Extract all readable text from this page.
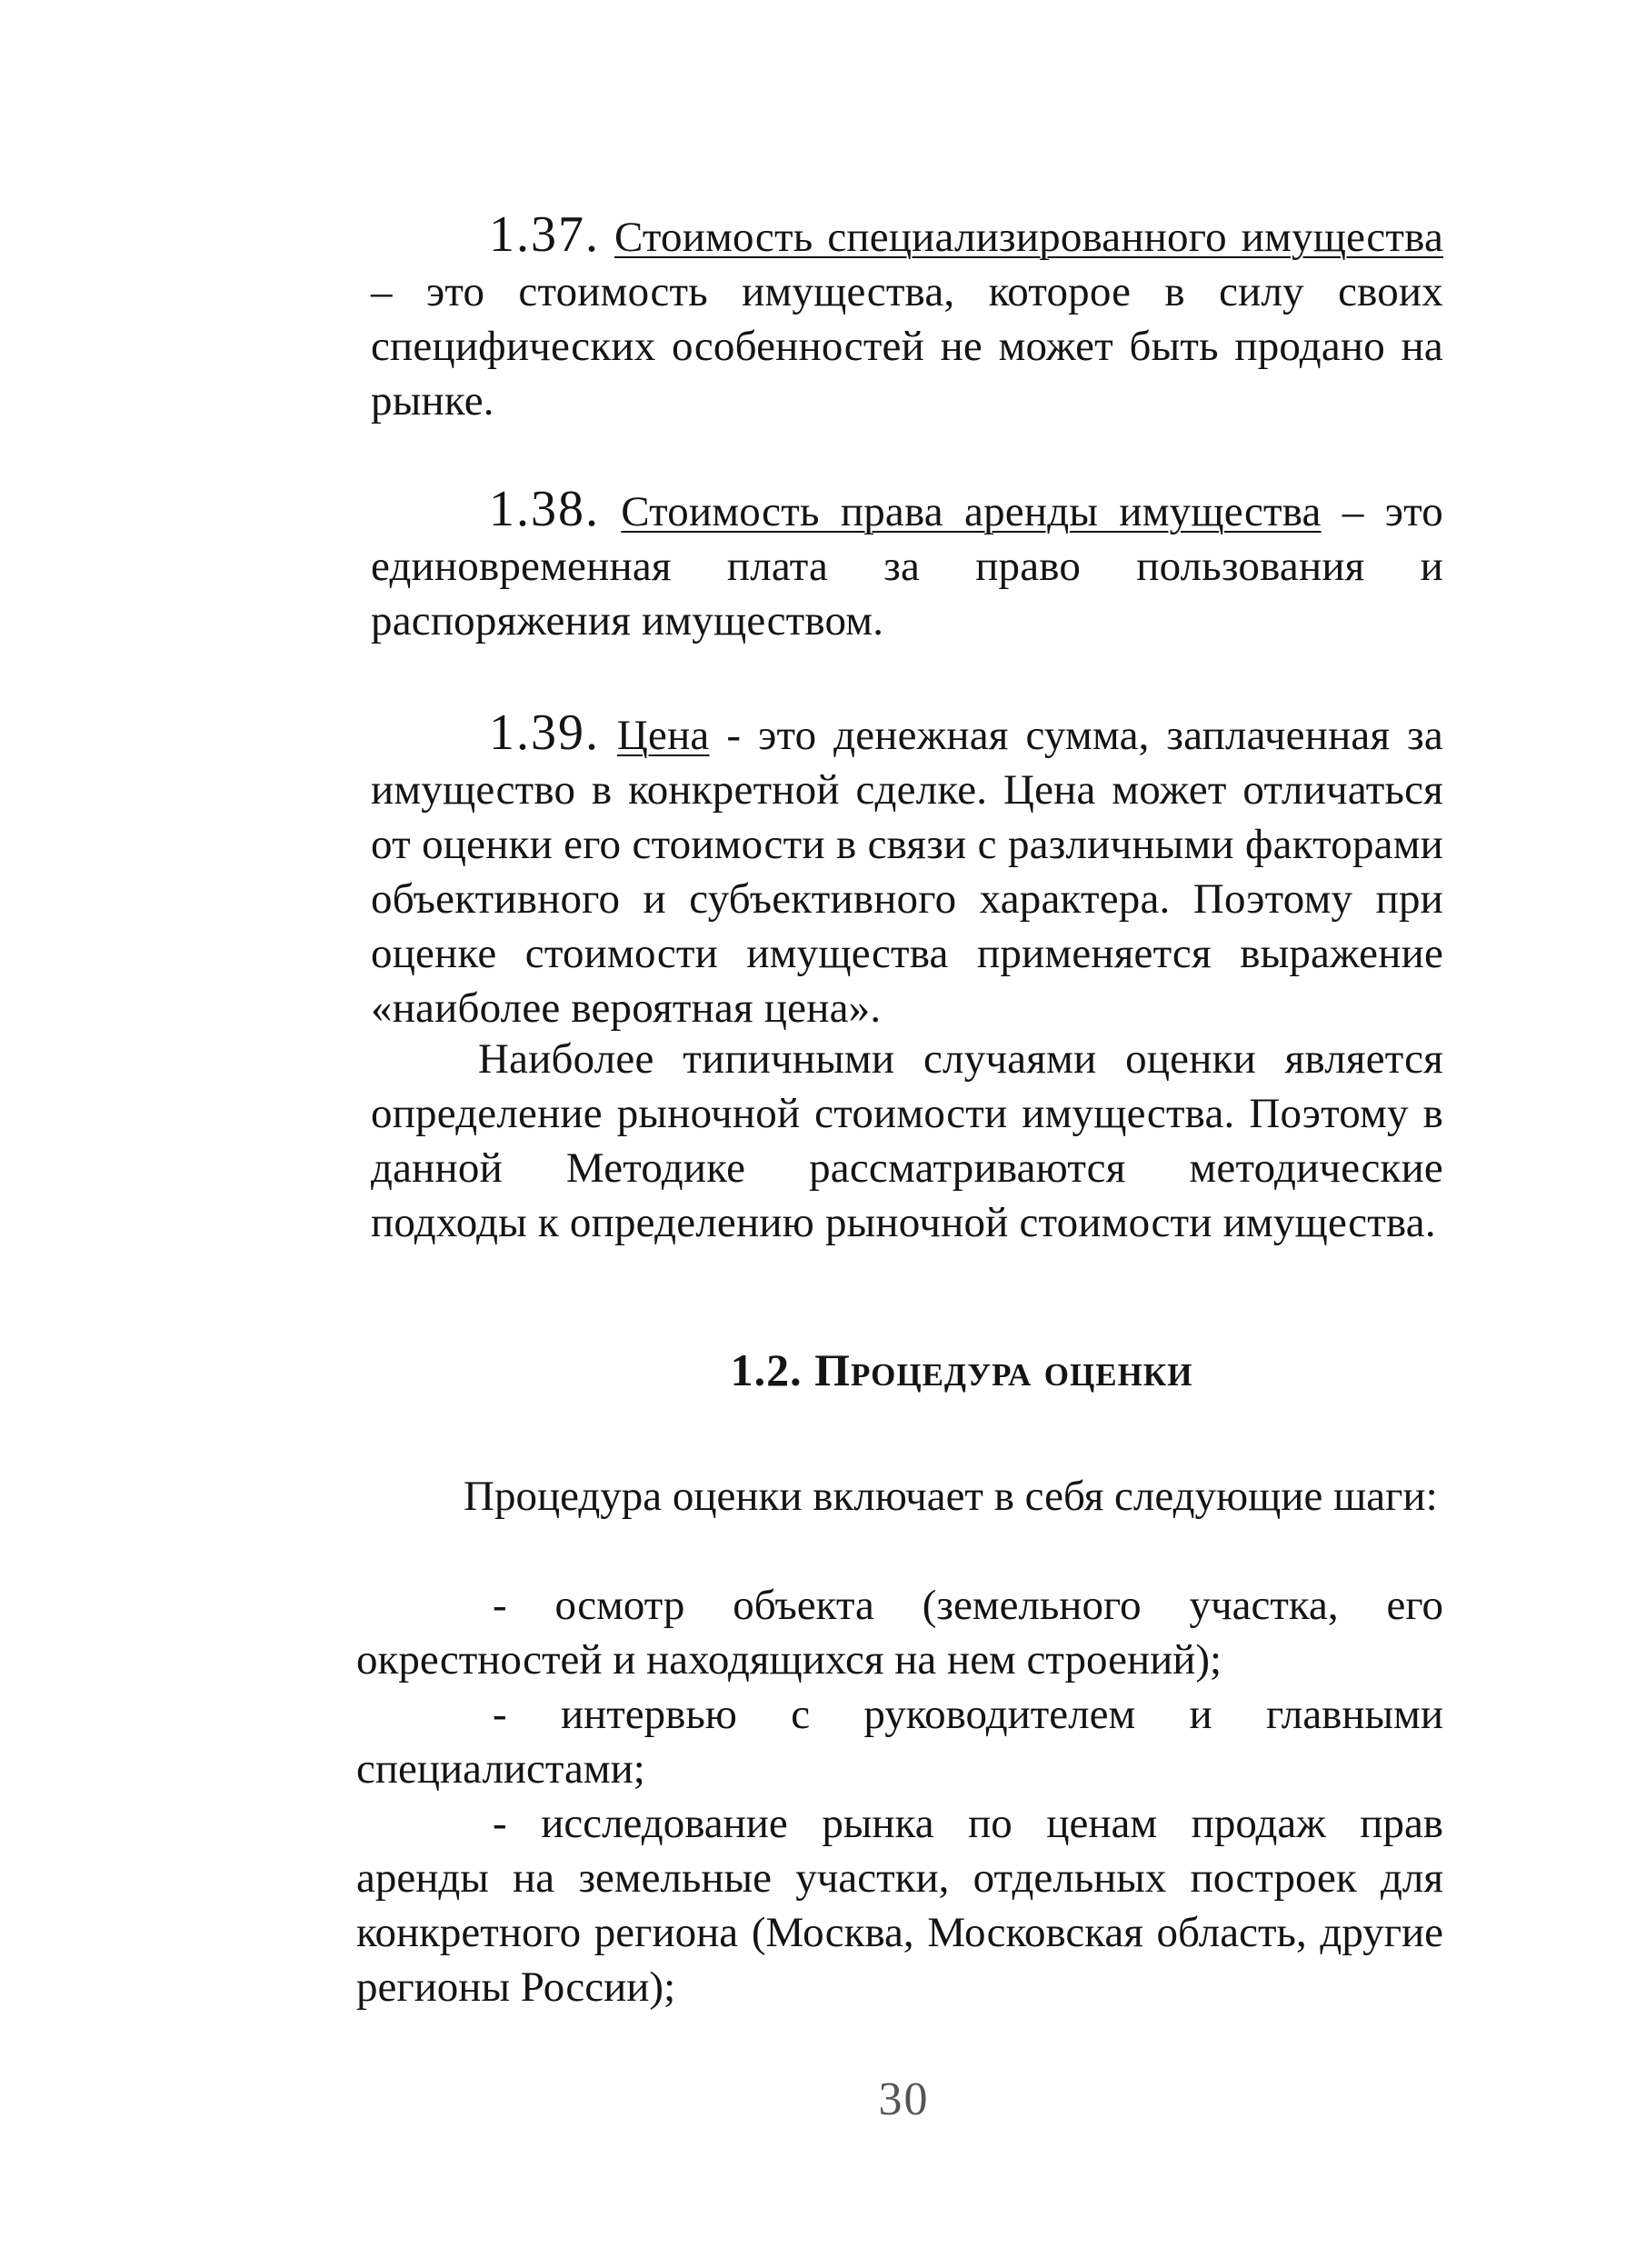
1.37. Стоимость специализированного имущества – это стоимость имущества, которое в силу своих специфических особенностей не может быть продано на рынке.

1.38. Стоимость права аренды имущества – это единовременная плата за право пользования и распоряжения имуществом.

1.39. Цена - это денежная сумма, заплаченная за имущество в конкретной сделке. Цена может отличаться от оценки его стоимости в связи с различными факторами объективного и субъективного характера. Поэтому при оценке стоимости имущества применяется выражение «наиболее вероятная цена».

Наиболее типичными случаями оценки является определение рыночной стоимости имущества. Поэтому в данной Методике рассматриваются методические подходы к определению рыночной стоимости имущества.

1.2. Процедура оценки

Процедура оценки включает в себя следующие шаги:

- осмотр объекта (земельного участка, его окрестностей и находящихся на нем строений);

- интервью с руководителем и главными специалистами;

- исследование рынка по ценам продаж прав аренды на земельные участки, отдельных построек для конкретного региона (Москва, Московская область, другие регионы России);

30
